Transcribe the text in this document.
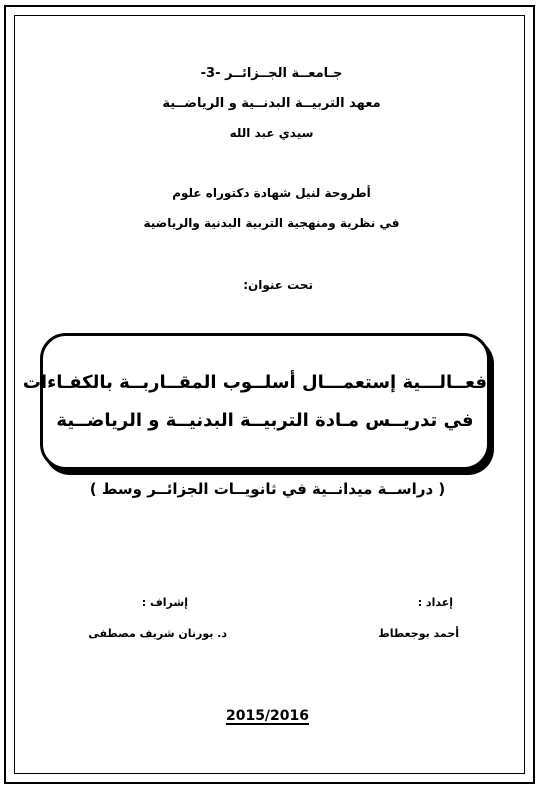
جـامعــة الجــزائــر -3-
معهد التربيــة البدنــية و الرياضــية
سيدي عبد الله
أطروحة لنيل شهادة دكتوراه علوم
في نظرية ومنهجية التربية البدنية والرياضية
تحت عنوان:
فعــالـــية إستعمـــال أسلــوب المقــاربــة بالكفـاءات
في تدريــس مـادة التربيــة البدنيــة و الرياضــية
( دراســة ميدانــية في ثانويــات الجزائــر وسط )
إعداد :
إشراف :
أحمد بوجعطاط
د. بورنان شريف مصطفى
2015/2016
